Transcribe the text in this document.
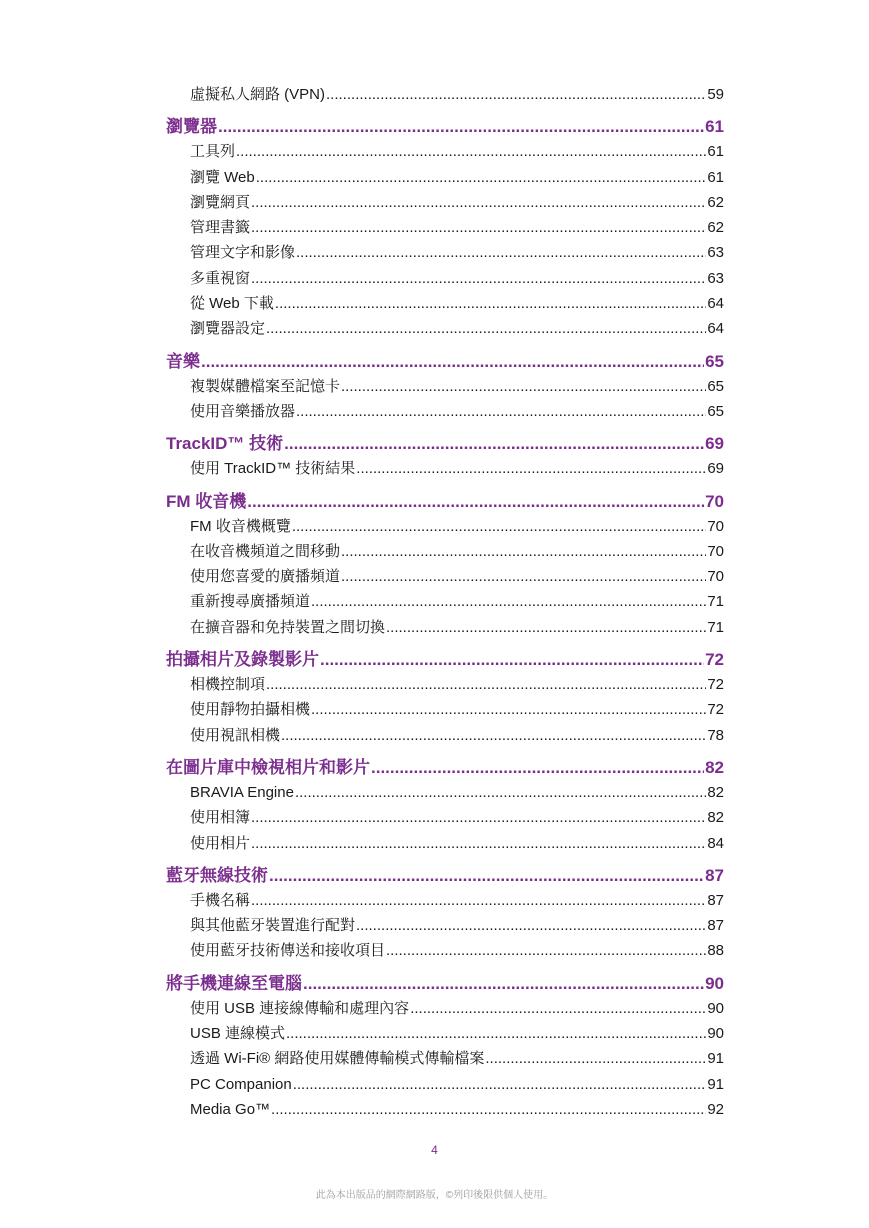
虛擬私人網路 (VPN) .....	59
瀏覽器 .....	61
工具列 .....	61
瀏覽 Web .....	61
瀏覽網頁 .....	62
管理書籤 .....	62
管理文字和影像 .....	63
多重視窗 .....	63
從 Web 下載 .....	64
瀏覽器設定 .....	64
音樂 .....	65
複製媒體檔案至記憶卡 .....	65
使用音樂播放器 .....	65
TrackID™ 技術 .....	69
使用 TrackID™ 技術結果 .....	69
FM 收音機 .....	70
FM 收音機概覽 .....	70
在收音機頻道之間移動 .....	70
使用您喜愛的廣播頻道 .....	70
重新搜尋廣播頻道 .....	71
在擴音器和免持裝置之間切換 .....	71
拍攝相片及錄製影片 .....	72
相機控制項 .....	72
使用靜物拍攝相機 .....	72
使用視訊相機 .....	78
在圖片庫中檢視相片和影片 .....	82
BRAVIA Engine .....	82
使用相簿 .....	82
使用相片 .....	84
藍牙無線技術 .....	87
手機名稱 .....	87
與其他藍牙裝置進行配對 .....	87
使用藍牙技術傳送和接收項目 .....	88
將手機連線至電腦 .....	90
使用 USB 連接線傳輸和處理內容 .....	90
USB 連線模式 .....	90
透過 Wi-Fi® 網路使用媒體傳輸模式傳輸檔案 .....	91
PC Companion .....	91
Media Go™ .....	92
4
此為本出版品的網際網路版，©列印後限供個人使用。
